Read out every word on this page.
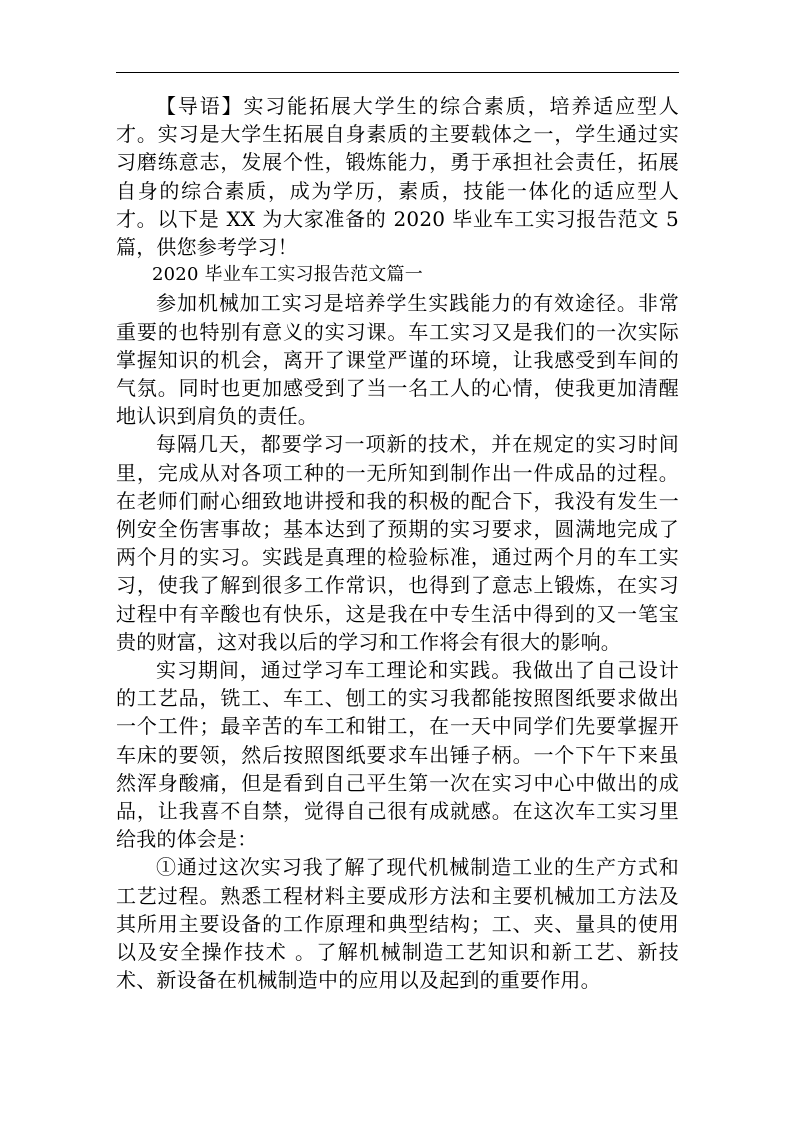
【导语】实习能拓展大学生的综合素质，培养适应型人才。实习是大学生拓展自身素质的主要载体之一，学生通过实习磨练意志，发展个性，锻炼能力，勇于承担社会责任，拓展自身的综合素质，成为学历，素质，技能一体化的适应型人才。以下是 XX 为大家准备的 2020 毕业车工实习报告范文 5 篇，供您参考学习！

2020 毕业车工实习报告范文篇一

参加机械加工实习是培养学生实践能力的有效途径。非常重要的也特别有意义的实习课。车工实习又是我们的一次实际掌握知识的机会，离开了课堂严谨的环境，让我感受到车间的气氛。同时也更加感受到了当一名工人的心情，使我更加清醒地认识到肩负的责任。

每隔几天，都要学习一项新的技术，并在规定的实习时间里，完成从对各项工种的一无所知到制作出一件成品的过程。在老师们耐心细致地讲授和我的积极的配合下，我没有发生一例安全伤害事故；基本达到了预期的实习要求，圆满地完成了两个月的实习。实践是真理的检验标准，通过两个月的车工实习，使我了解到很多工作常识，也得到了意志上锻炼，在实习过程中有辛酸也有快乐，这是我在中专生活中得到的又一笔宝贵的财富，这对我以后的学习和工作将会有很大的影响。

实习期间，通过学习车工理论和实践。我做出了自己设计的工艺品，铣工、车工、刨工的实习我都能按照图纸要求做出一个工件；最辛苦的车工和钳工，在一天中同学们先要掌握开车床的要领，然后按照图纸要求车出锤子柄。一个下午下来虽然浑身酸痛，但是看到自己平生第一次在实习中心中做出的成品，让我喜不自禁，觉得自己很有成就感。在这次车工实习里给我的体会是：

①通过这次实习我了解了现代机械制造工业的生产方式和工艺过程。熟悉工程材料主要成形方法和主要机械加工方法及其所用主要设备的工作原理和典型结构；工、夹、量具的使用以及安全操作技术 。了解机械制造工艺知识和新工艺、新技术、新设备在机械制造中的应用以及起到的重要作用。
